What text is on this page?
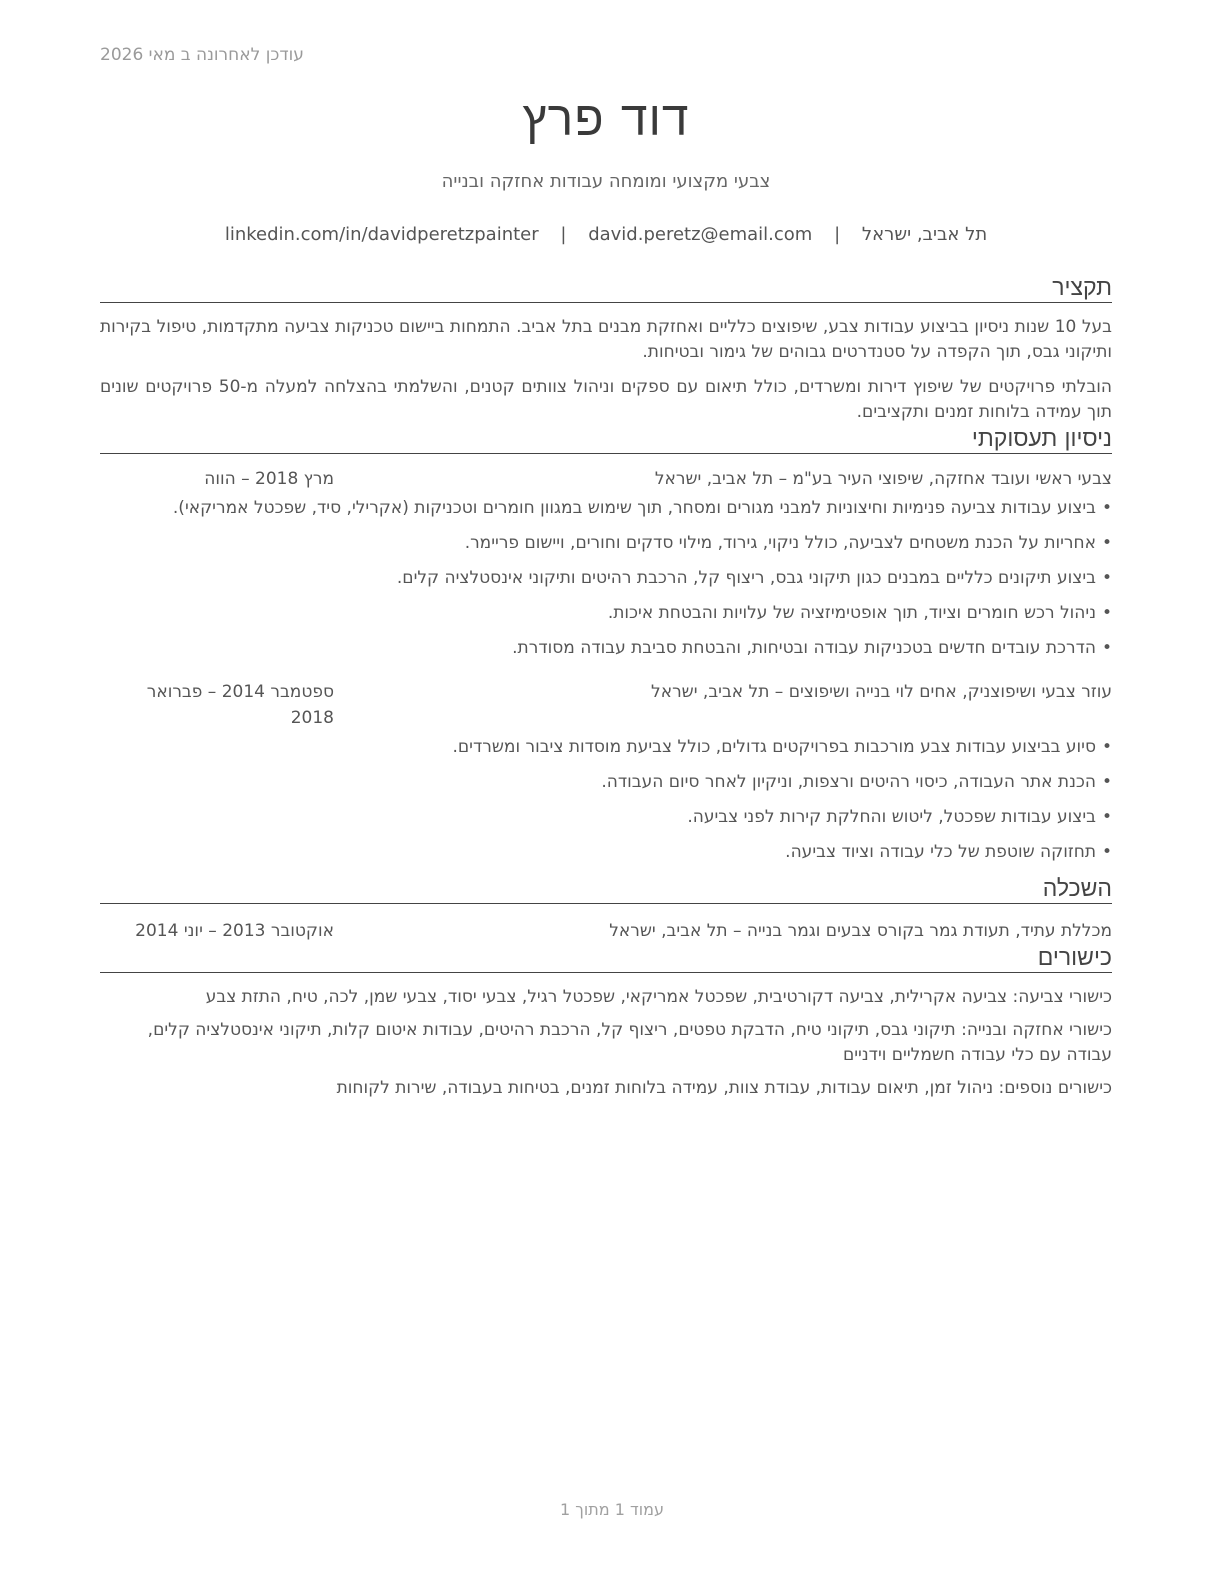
עודכן לאחרונה ב מאי 2026
דוד פרץ
צבעי מקצועי ומומחה עבודות אחזקה ובנייה
תל אביב, ישראל | david.peretz@email.com | linkedin.com/in/davidperetzpainter
תקציר

בעל 10 שנות ניסיון בביצוע עבודות צבע, שיפוצים כלליים ואחזקת מבנים בתל אביב. התמחות ביישום טכניקות צביעה מתקדמות, טיפול בקירות ותיקוני גבס, תוך הקפדה על סטנדרטים גבוהים של גימור ובטיחות.

הובלתי פרויקטים של שיפוץ דירות ומשרדים, כולל תיאום עם ספקים וניהול צוותים קטנים, והשלמתי בהצלחה למעלה מ-50 פרויקטים שונים תוך עמידה בלוחות זמנים ותקציבים.

ניסיון תעסוקתי
צבעי ראשי ועובד אחזקה, שיפוצי העיר בע"מ – תל אביב, ישראל
מרץ 2018 – הווה
• ביצוע עבודות צביעה פנימיות וחיצוניות למבני מגורים ומסחר, תוך שימוש במגוון חומרים וטכניקות (אקרילי, סיד, שפכטל אמריקאי).
• אחריות על הכנת משטחים לצביעה, כולל ניקוי, גירוד, מילוי סדקים וחורים, ויישום פריימר.
• ביצוע תיקונים כלליים במבנים כגון תיקוני גבס, ריצוף קל, הרכבת רהיטים ותיקוני אינסטלציה קלים.
• ניהול רכש חומרים וציוד, תוך אופטימיזציה של עלויות והבטחת איכות.
• הדרכת עובדים חדשים בטכניקות עבודה ובטיחות, והבטחת סביבת עבודה מסודרת.
עוזר צבעי ושיפוצניק, אחים לוי בנייה ושיפוצים – תל אביב, ישראל
ספטמבר 2014 – פברואר 2018
• סיוע בביצוע עבודות צבע מורכבות בפרויקטים גדולים, כולל צביעת מוסדות ציבור ומשרדים.
• הכנת אתר העבודה, כיסוי רהיטים ורצפות, וניקיון לאחר סיום העבודה.
• ביצוע עבודות שפכטל, ליטוש והחלקת קירות לפני צביעה.
• תחזוקה שוטפת של כלי עבודה וציוד צביעה.
השכלה
מכללת עתיד, תעודת גמר בקורס צבעים וגמר בנייה – תל אביב, ישראל
אוקטובר 2013 – יוני 2014
כישורים
כישורי צביעה: צביעה אקרילית, צביעה דקורטיבית, שפכטל אמריקאי, שפכטל רגיל, צבעי יסוד, צבעי שמן, לכה, טיח, התזת צבע
כישורי אחזקה ובנייה: תיקוני גבס, תיקוני טיח, הדבקת טפטים, ריצוף קל, הרכבת רהיטים, עבודות איטום קלות, תיקוני אינסטלציה קלים, עבודה עם כלי עבודה חשמליים וידניים
כישורים נוספים: ניהול זמן, תיאום עבודות, עבודת צוות, עמידה בלוחות זמנים, בטיחות בעבודה, שירות לקוחות
עמוד 1 מתוך 1
